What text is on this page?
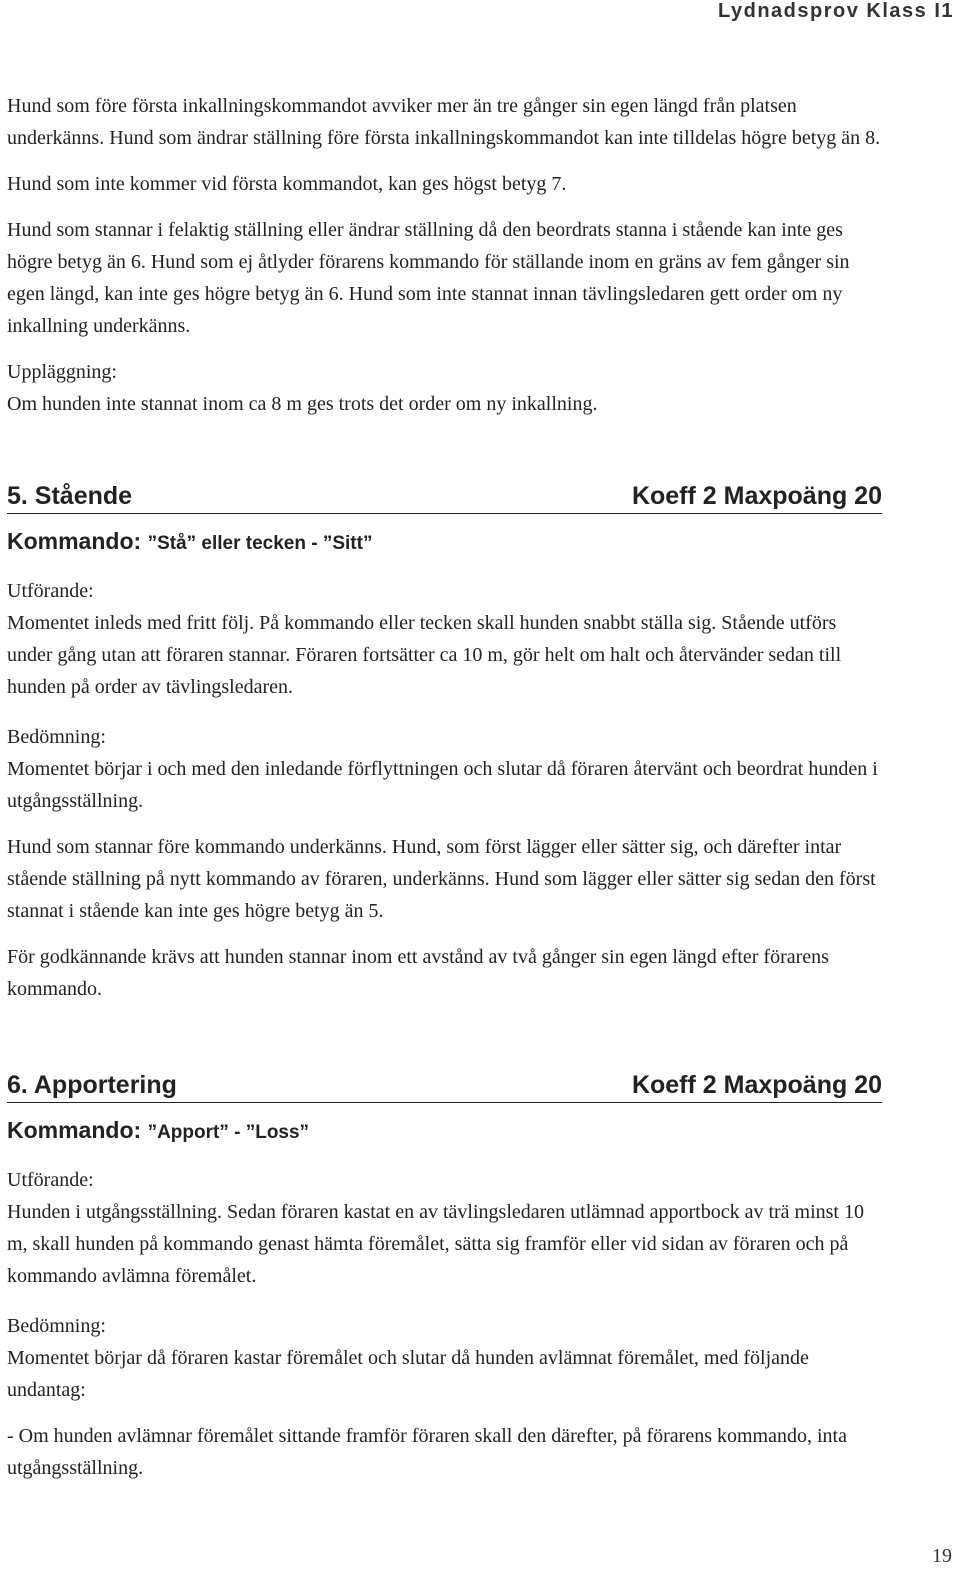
Lydnadsprov Klass I1

Hund som före första inkallningskommandot avviker mer än tre gånger sin egen längd från platsen underkänns. Hund som ändrar ställning före första inkallningskommandot kan inte tilldelas högre betyg än 8.

Hund som inte kommer vid första kommandot, kan ges högst betyg 7.

Hund som stannar i felaktig ställning eller ändrar ställning då den beordrats stanna i stående kan inte ges högre betyg än 6. Hund som ej åtlyder förarens kommando för ställande inom en gräns av fem gånger sin egen längd, kan inte ges högre betyg än 6. Hund som inte stannat innan tävlingsledaren gett order om ny inkallning underkänns.

Uppläggning:

Om hunden inte stannat inom ca 8 m ges trots det order om ny inkallning.

5. Stående	Koeff 2 Maxpoäng 20
Kommando: ”Stå” eller tecken - ”Sitt”
Utförande:

Momentet inleds med fritt följ. På kommando eller tecken skall hunden snabbt ställa sig. Stående utförs under gång utan att föraren stannar. Föraren fortsätter ca 10 m, gör helt om halt och återvänder sedan till hunden på order av tävlingsledaren.

Bedömning:

Momentet börjar i och med den inledande förflyttningen och slutar då föraren återvänt och beordrat hunden i utgångsställning.

Hund som stannar före kommando underkänns. Hund, som först lägger eller sätter sig, och därefter intar stående ställning på nytt kommando av föraren, underkänns. Hund som lägger eller sätter sig sedan den först stannat i stående kan inte ges högre betyg än 5.

För godkännande krävs att hunden stannar inom ett avstånd av två gånger sin egen längd efter förarens kommando.

6. Apportering	Koeff 2 Maxpoäng 20
Kommando: ”Apport” - ”Loss”
Utförande:

Hunden i utgångsställning. Sedan föraren kastat en av tävlingsledaren utlämnad apportbock av trä minst 10 m, skall hunden på kommando genast hämta föremålet, sätta sig framför eller vid sidan av föraren och på kommando avlämna föremålet.

Bedömning:

Momentet börjar då föraren kastar föremålet och slutar då hunden avlämnat föremålet, med följande undantag:

- Om hunden avlämnar föremålet sittande framför föraren skall den därefter, på förarens kommando, inta utgångsställning.

19
